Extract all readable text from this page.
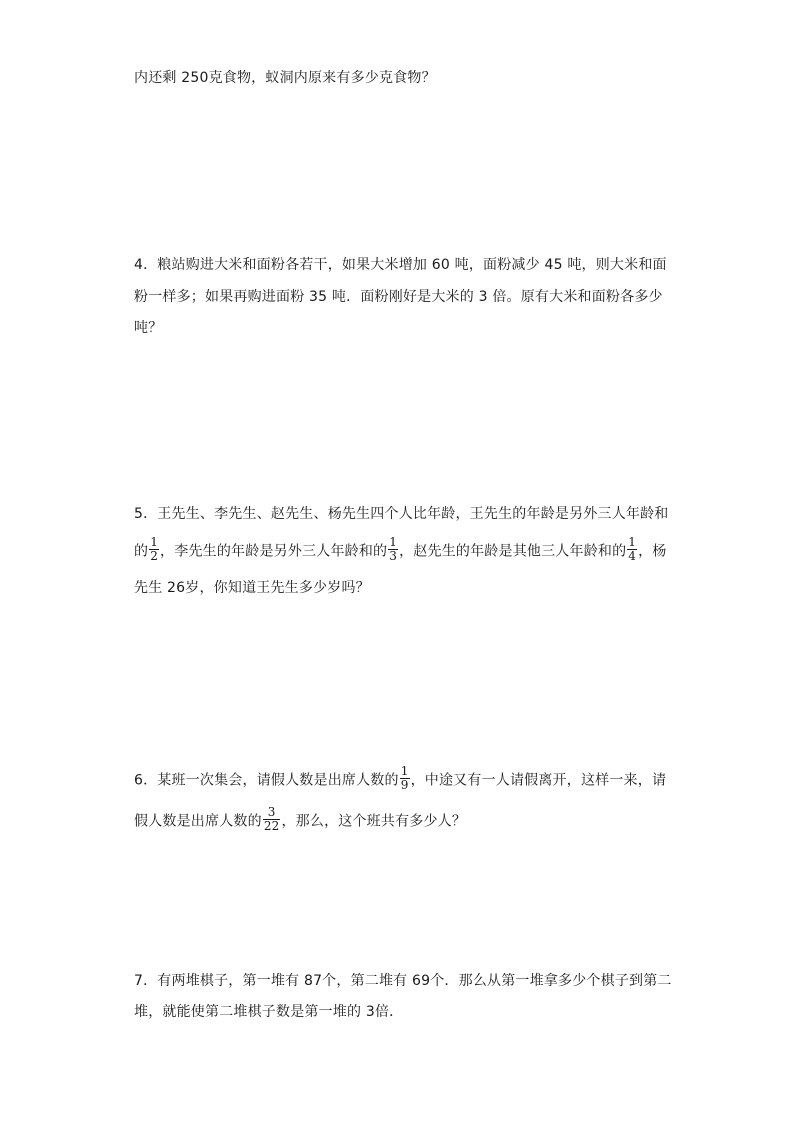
内还剩 250克食物，蚁洞内原来有多少克食物？
4．粮站购进大米和面粉各若干，如果大米增加 60 吨，面粉减少 45 吨，则大米和面
粉一样多；如果再购进面粉 35 吨．面粉刚好是大米的 3 倍。原有大米和面粉各多少
吨？
5．王先生、李先生、赵先生、杨先生四个人比年龄，王先生的年龄是另外三人年龄和
的 $\frac{1}{2}$ ，李先生的年龄是另外三人年龄和的 $\frac{1}{3}$ ，赵先生的年龄是其他三人年龄和的 $\frac{1}{4}$ ，杨
先生 26岁，你知道王先生多少岁吗？
6．某班一次集会，请假人数是出席人数的 $\frac{1}{9}$ ，中途又有一人请假离开，这样一来，请
假人数是出席人数的 $\frac{3}{22}$ ，那么，这个班共有多少人？
7．有两堆棋子，第一堆有 87个，第二堆有 69个．那么从第一堆拿多少个棋子到第二
堆，就能使第二堆棋子数是第一堆的 3倍．
